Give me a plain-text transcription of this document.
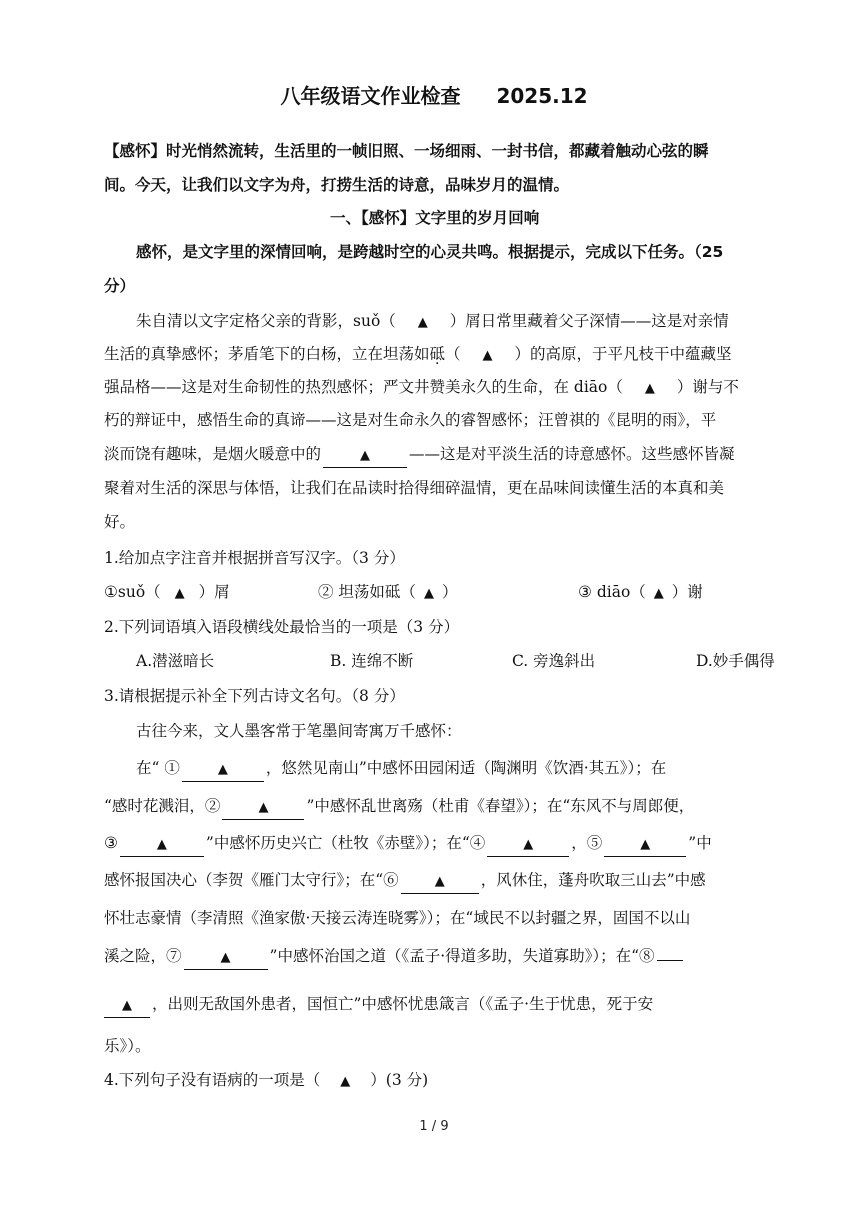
八年级语文作业检查 2025.12
【感怀】时光悄然流转，生活里的一帧旧照、一场细雨、一封书信，都藏着触动心弦的瞬
间。今天，让我们以文字为舟，打捞生活的诗意，品味岁月的温情。
一、【感怀】文字里的岁月回响
感怀，是文字里的深情回响，是跨越时空的心灵共鸣。根据提示，完成以下任务。（25
分）
朱自清以文字定格父亲的背影，suǒ（ ▲ ）屑日常里藏着父子深情——这是对亲情
生活的真挚感怀；茅盾笔下的白杨，立在坦荡如砥（ ▲ ）的高原，于平凡枝干中蕴藏坚
强品格——这是对生命韧性的热烈感怀；严文井赞美永久的生命，在 diāo（ ▲ ）谢与不
朽的辩证中，感悟生命的真谛——这是对生命永久的睿智感怀；汪曾祺的《昆明的雨》，平
淡而饶有趣味，是烟火暖意中的	▲	——这是对平淡生活的诗意感怀。这些感怀皆凝
聚着对生活的深思与体悟，让我们在品读时拾得细碎温情，更在品味间读懂生活的本真和美
好。
1.给加点字注音并根据拼音写汉字。（3 分）
①suǒ（ ▲ ）屑	② 坦荡如砥（ ▲ ）	③ diāo（ ▲ ）谢
2.下列词语填入语段横线处最恰当的一项是（3 分）
A.潜滋暗长	B. 连绵不断	C. 旁逸斜出	D.妙手偶得
3.请根据提示补全下列古诗文名句。（8 分）
古往今来，文人墨客常于笔墨间寄寓万千感怀：
在“ ①	▲ ，悠然见南山”中感怀田园闲适（陶渊明《饮酒·其五》）；在
“感时花溅泪，②	▲ ”中感怀乱世离殇（杜甫《春望》）；在“东风不与周郎便，
③	▲	”中感怀历史兴亡（杜牧《赤壁》）；在“④	▲ ，⑤	▲ ”中
感怀报国决心（李贺《雁门太守行》；在“⑥	▲ ，风休住，蓬舟吹取三山去”中感
怀壮志豪情（李清照《渔家傲·天接云涛连晓雾》）；在“域民不以封疆之界，固国不以山
溪之险，⑦	▲	”中感怀治国之道（《孟子·得道多助，失道寡助》）；在“⑧
▲ ，出则无敌国外患者，国恒亡”中感怀忧患箴言（《孟子·生于忧患，死于安
乐》）。
4.下列句子没有语病的一项是（ ▲ ）(3 分)
1 / 9
